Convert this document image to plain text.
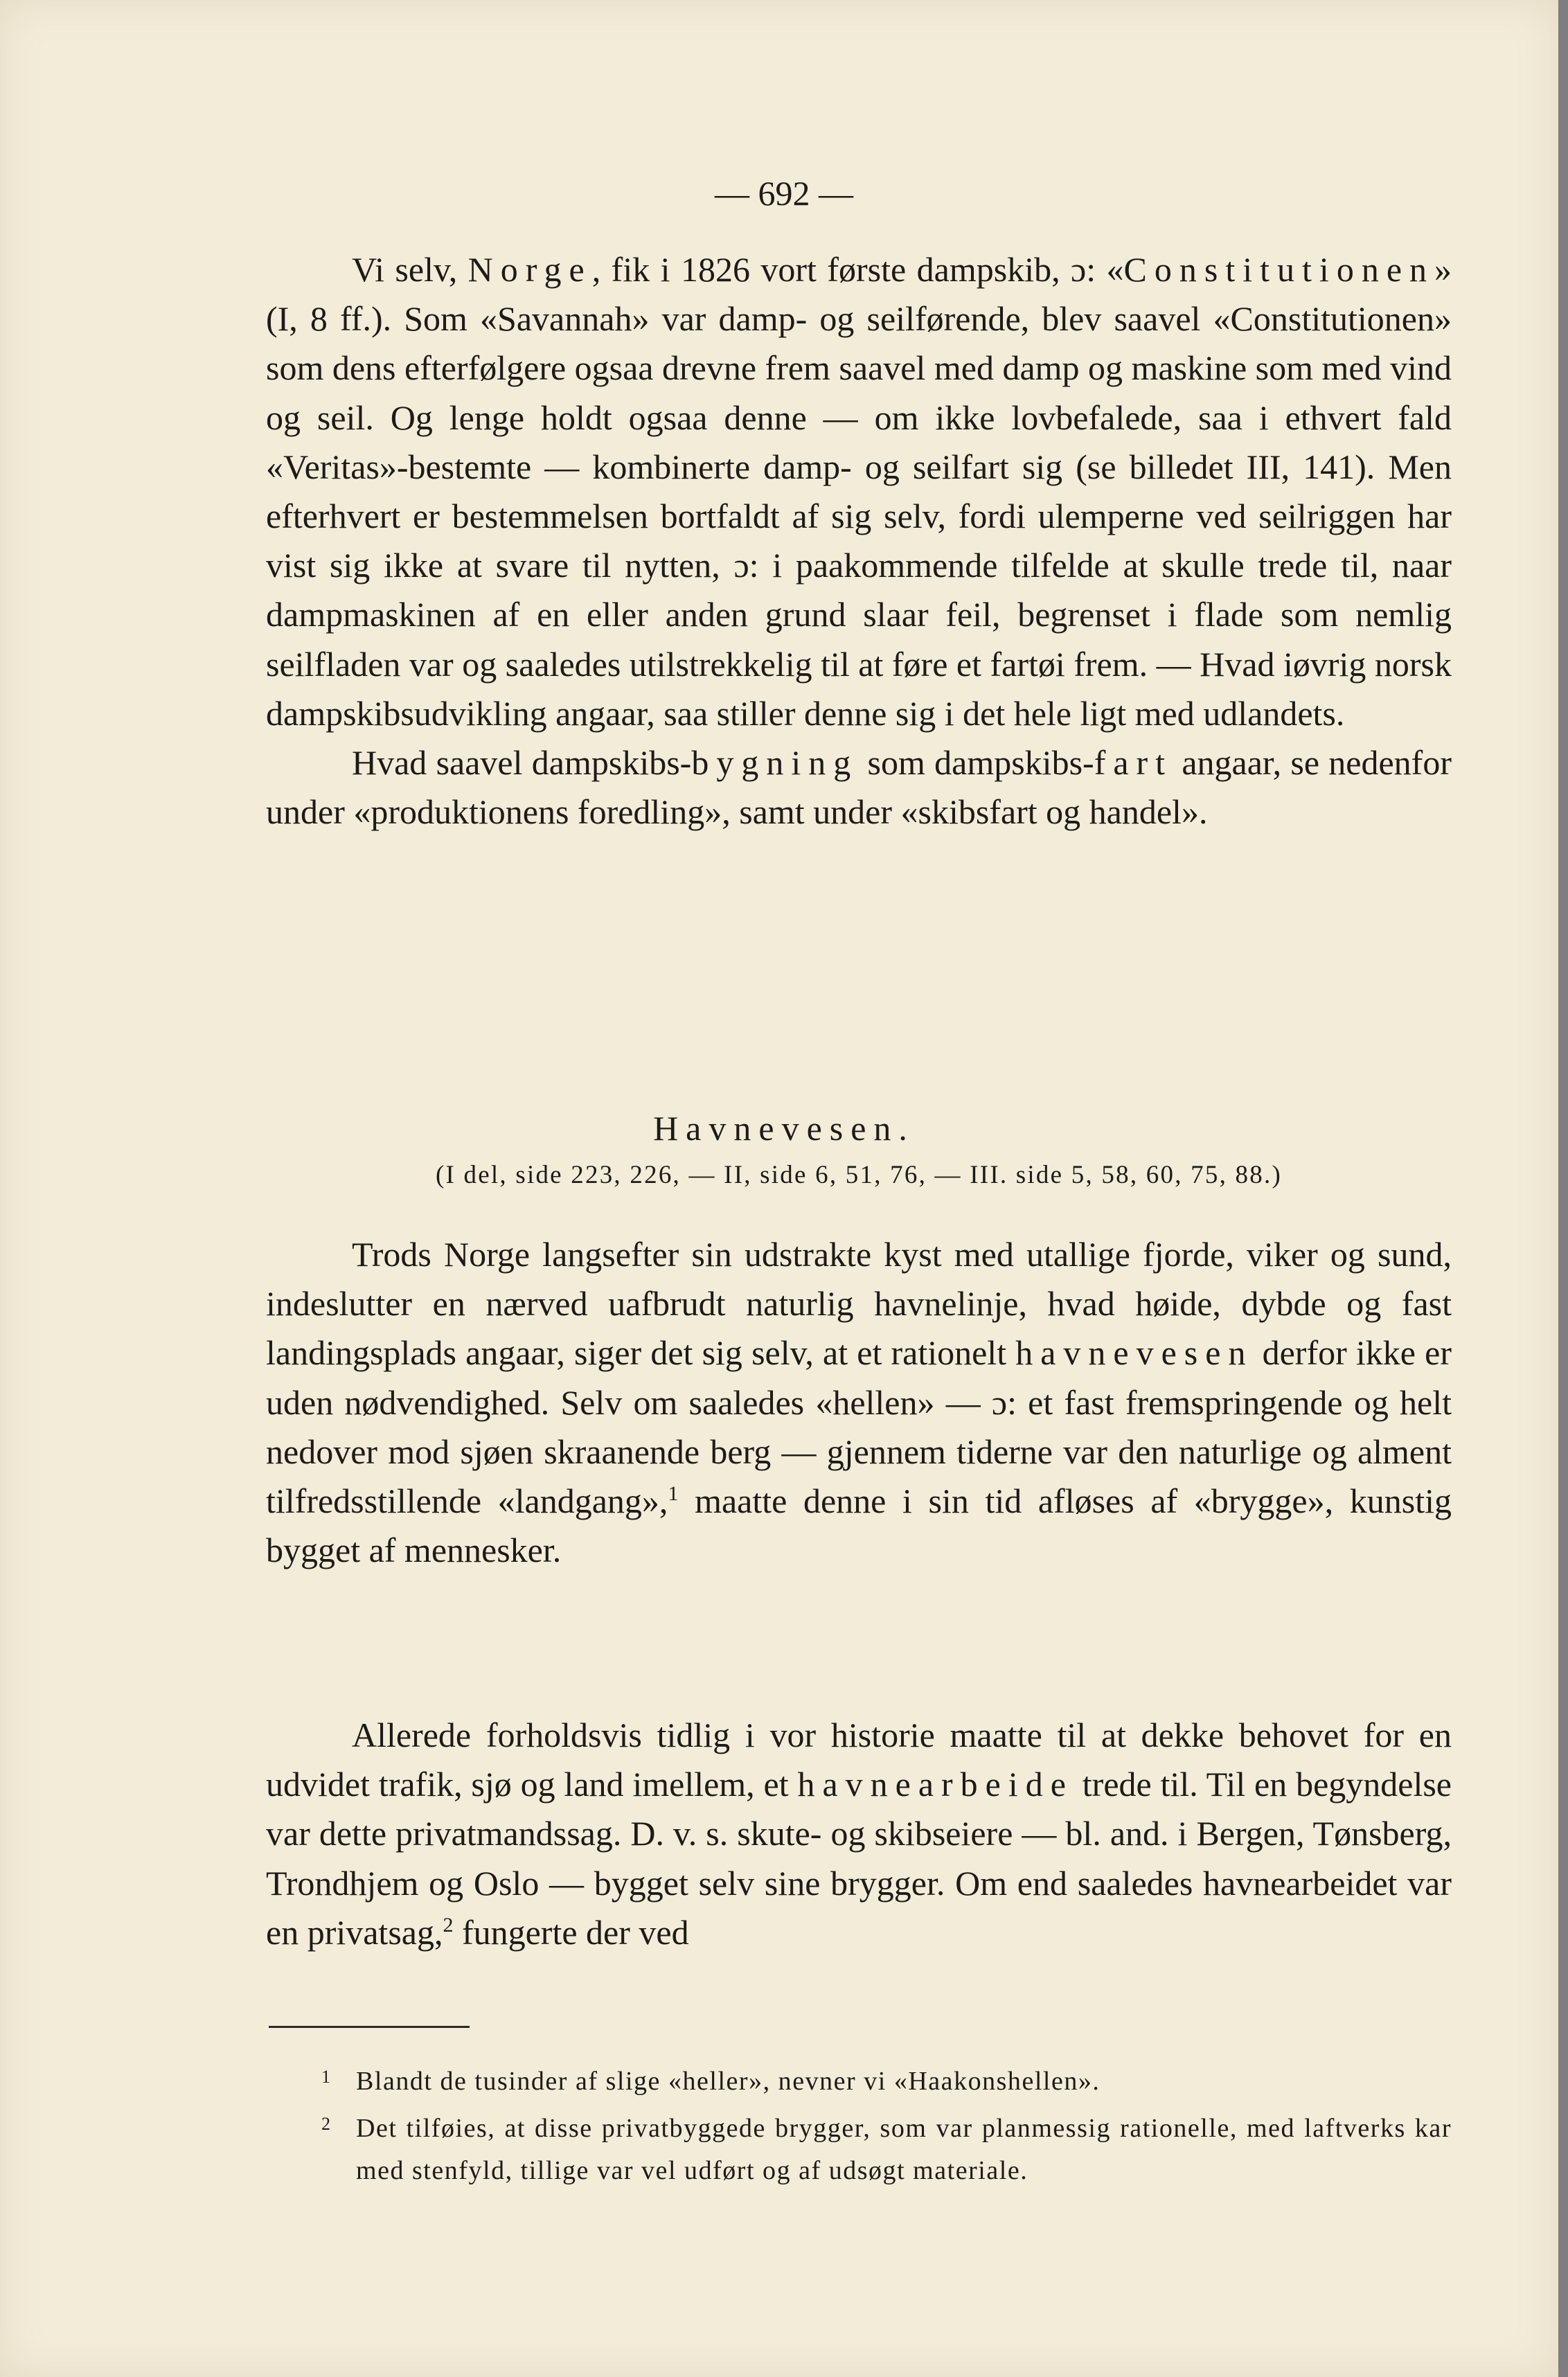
— 692 —

Vi selv, Norge, fik i 1826 vort første dampskib, ɔ: «Constitutionen» (I, 8 ff.). Som «Savannah» var damp- og seilførende, blev saavel «Constitutionen» som dens efterfølgere ogsaa drevne frem saavel med damp og maskine som med vind og seil. Og lenge holdt ogsaa denne — om ikke lovbefalede, saa i ethvert fald «Veritas»-bestemte — kombinerte damp- og seilfart sig (se billedet III, 141). Men efterhvert er bestemmelsen bortfaldt af sig selv, fordi ulemperne ved seilriggen har vist sig ikke at svare til nytten, ɔ: i paakommende tilfelde at skulle trede til, naar dampmaskinen af en eller anden grund slaar feil, begrenset i flade som nemlig seilfladen var og saaledes utilstrekkelig til at føre et fartøi frem. — Hvad iøvrig norsk dampskibsudvikling angaar, saa stiller denne sig i det hele ligt med udlandets.

Hvad saavel dampskibs-bygning som dampskibs-fart angaar, se nedenfor under «produktionens foredling», samt under «skibsfart og handel».

Havnevesen.
(I del, side 223, 226, — II, side 6, 51, 76, — III. side 5, 58, 60, 75, 88.)

Trods Norge langsefter sin udstrakte kyst med utallige fjorde, viker og sund, indeslutter en nærved uafbrudt naturlig havnelinje, hvad høide, dybde og fast landingsplads angaar, siger det sig selv, at et rationelt havnevesen derfor ikke er uden nødvendighed. Selv om saaledes «hellen» — ɔ: et fast fremspringende og helt nedover mod sjøen skraanende berg — gjennem tiderne var den naturlige og alment tilfredsstillende «landgang»,$^1$ maatte denne i sin tid afløses af «brygge», kunstig bygget af mennesker.

Allerede forholdsvis tidlig i vor historie maatte til at dekke behovet for en udvidet trafik, sjø og land imellem, et havnearbeide trede til. Til en begyndelse var dette privatmandssag. D. v. s. skute- og skibseiere — bl. and. i Bergen, Tønsberg, Trondhjem og Oslo — bygget selv sine brygger. Om end saaledes havnearbeidet var en privatsag,$^2$ fungerte der ved

$^1$ Blandt de tusinder af slige «heller», nevner vi «Haakonshellen».

$^2$ Det tilføies, at disse privatbyggede brygger, som var planmessig rationelle, med laftverks kar med stenfyld, tillige var vel udført og af udsøgt materiale.
